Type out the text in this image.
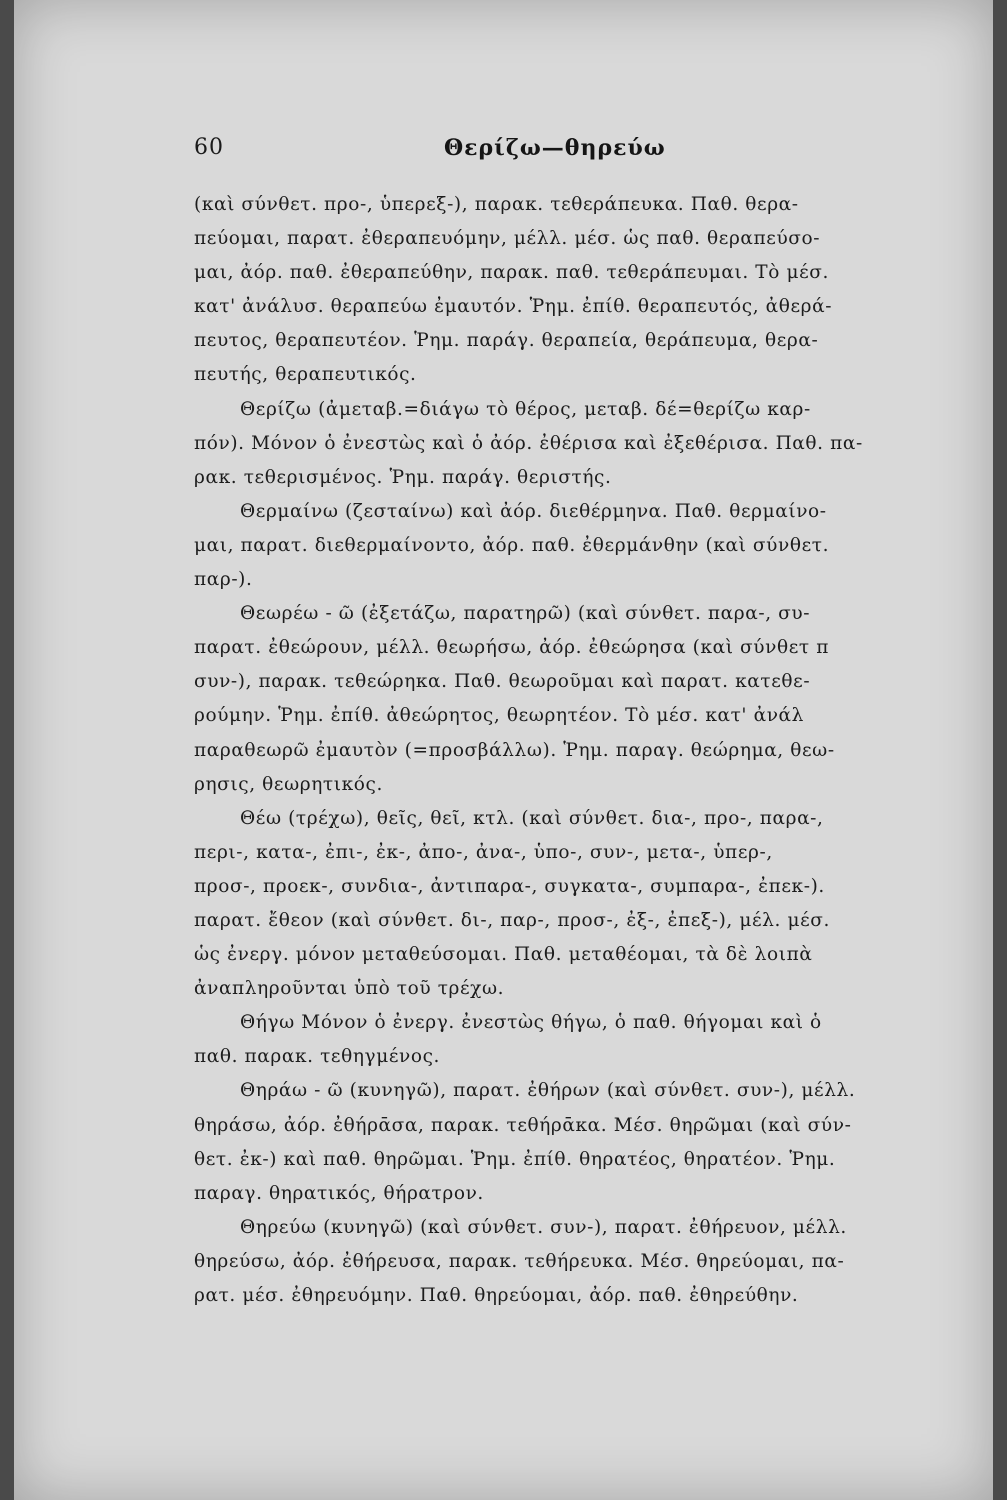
60	Θερίζω—θηρεύω
(καὶ σύνθετ. προ-, ὑπερεξ-), παρακ. τεθεράπευκα. Παθ. θερα-
πεύομαι, παρατ. ἐθεραπευόμην, μέλλ. μέσ. ὡς παθ. θεραπεύσο-
μαι, ἀόρ. παθ. ἐθεραπεύθην, παρακ. παθ. τεθεράπευμαι. Τὸ μέσ.
κατ' ἀνάλυσ. θεραπεύω ἐμαυτόν. Ῥημ. ἐπίθ. θεραπευτός, ἀθερά-
πευτος, θεραπευτέον. Ῥημ. παράγ. θεραπεία, θεράπευμα, θερα-
πευτής, θεραπευτικός.
Θερίζω (ἀμεταβ.=διάγω τὸ θέρος, μεταβ. δέ=θερίζω καρ-
πόν). Μόνον ὁ ἐνεστὼς καὶ ὁ ἀόρ. ἐθέρισα καὶ ἐξεθέρισα. Παθ. πα-
ρακ. τεθερισμένος. Ῥημ. παράγ. θεριστής.
Θερμαίνω (ζεσταίνω) καὶ ἀόρ. διεθέρμηνα. Παθ. θερμαίνο-
μαι, παρατ. διεθερμαίνοντο, ἀόρ. παθ. ἐθερμάνθην (καὶ σύνθετ.
παρ-).
Θεωρέω - ῶ (ἐξετάζω, παρατηρῶ) (καὶ σύνθετ. παρα-, συ-
παρατ. ἐθεώρουν, μέλλ. θεωρήσω, ἀόρ. ἐθεώρησα (καὶ σύνθετ π
συν-), παρακ. τεθεώρηκα. Παθ. θεωροῦμαι καὶ παρατ. κατεθε-
ρούμην. Ῥημ. ἐπίθ. ἀθεώρητος, θεωρητέον. Τὸ μέσ. κατ' ἀνάλ
παραθεωρῶ ἐμαυτὸν (=προσβάλλω). Ῥημ. παραγ. θεώρημα, θεω-
ρησις, θεωρητικός.
Θέω (τρέχω), θεῖς, θεῖ, κτλ. (καὶ σύνθετ. δια-, προ-, παρα-,
περι-, κατα-, ἐπι-, ἐκ-, ἀπο-, ἀνα-, ὑπο-, συν-, μετα-, ὑπερ-,
προσ-, προεκ-, συνδια-, ἀντιπαρα-, συγκατα-, συμπαρα-, ἐπεκ-).
παρατ. ἔθεον (καὶ σύνθετ. δι-, παρ-, προσ-, ἐξ-, ἐπεξ-), μέλ. μέσ.
ὡς ἐνεργ. μόνον μεταθεύσομαι. Παθ. μεταθέομαι, τὰ δὲ λοιπὰ
ἀναπληροῦνται ὑπὸ τοῦ τρέχω.
Θήγω Μόνον ὁ ἐνεργ. ἐνεστὼς θήγω, ὁ παθ. θήγομαι καὶ ὁ
παθ. παρακ. τεθηγμένος.
Θηράω - ῶ (κυνηγῶ), παρατ. ἐθήρων (καὶ σύνθετ. συν-), μέλλ.
θηράσω, ἀόρ. ἐθήρᾱσα, παρακ. τεθήρᾱκα. Μέσ. θηρῶμαι (καὶ σύν-
θετ. ἐκ-) καὶ παθ. θηρῶμαι. Ῥημ. ἐπίθ. θηρατέος, θηρατέον. Ῥημ.
παραγ. θηρατικός, θήρατρον.
Θηρεύω (κυνηγῶ) (καὶ σύνθετ. συν-), παρατ. ἐθήρευον, μέλλ.
θηρεύσω, ἀόρ. ἐθήρευσα, παρακ. τεθήρευκα. Μέσ. θηρεύομαι, πα-
ρατ. μέσ. ἐθηρευόμην. Παθ. θηρεύομαι, ἀόρ. παθ. ἐθηρεύθην.
